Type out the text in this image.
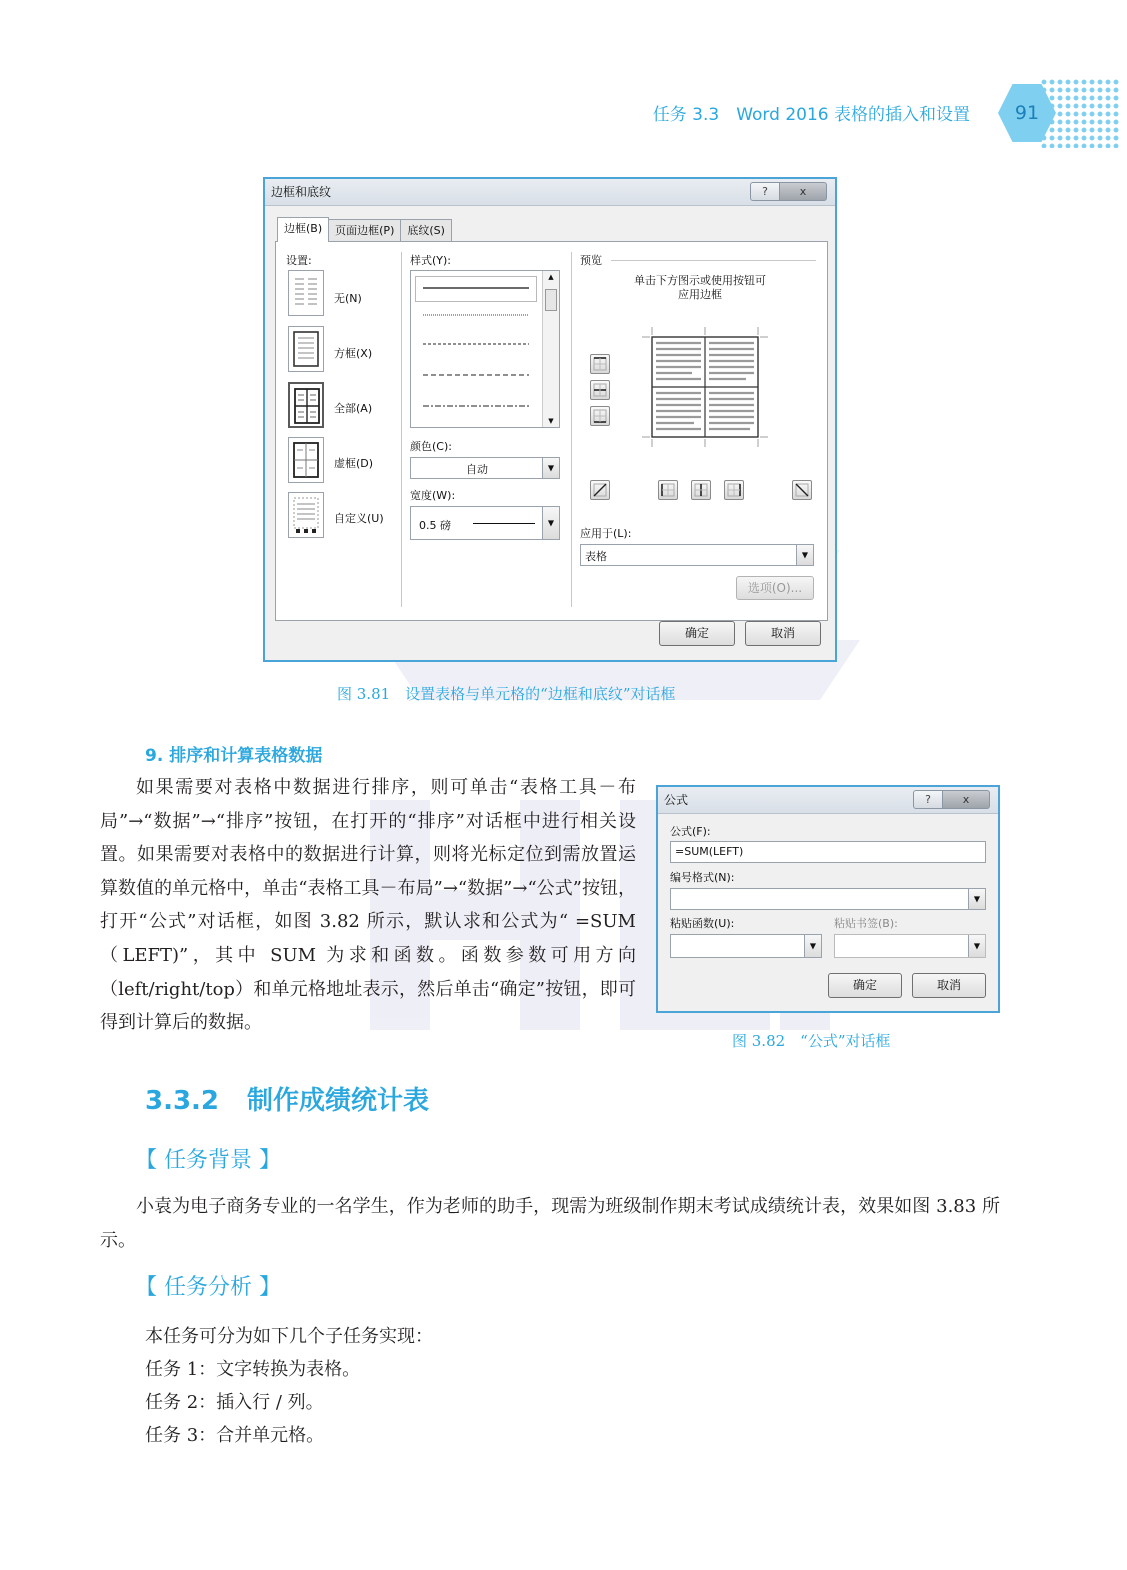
任务 3.3　Word 2016 表格的插入和设置	91
边框和底纹	?	x
边框(B)	页面边框(P)	底纹(S)
设置:
无(N)
方框(X)
全部(A)
虚框(D)
自定义(U)
样式(Y):
▲
▼
颜色(C):
自动
▼
宽度(W):
0.5 磅
▼
预览
单击下方图示或使用按钮可
应用边框
应用于(L):
表格
▼
选项(O)...
确定	取消
图 3.81　设置表格与单元格的“边框和底纹”对话框
9. 排序和计算表格数据
如果需要对表格中数据进行排序，则可单击“表格工具－布局”→“数据”→“排序”按钮，在打开的“排序”对话框中进行相关设置。如果需要对表格中的数据进行计算，则将光标定位到需放置运算数值的单元格中，单击“表格工具－布局”→“数据”→“公式”按钮，打开“公式”对话框，如图 3.82 所示，默认求和公式为“ =SUM（LEFT)”，其中 SUM 为求和函数。函数参数可用方向（left/right/top）和单元格地址表示，然后单击“确定”按钮，即可得到计算后的数据。
公式	?	x
公式(F):
=SUM(LEFT)
编号格式(N):
▼
粘贴函数(U):
▼	粘贴书签(B):
▼
确定	取消
图 3.82　“公式”对话框
3.3.2 制作成绩统计表
【 任务背景 】
小袁为电子商务专业的一名学生，作为老师的助手，现需为班级制作期末考试成绩统计表，效果如图 3.83 所示。
【 任务分析 】
本任务可分为如下几个子任务实现：
任务 1：文字转换为表格。
任务 2：插入行 / 列。
任务 3：合并单元格。
